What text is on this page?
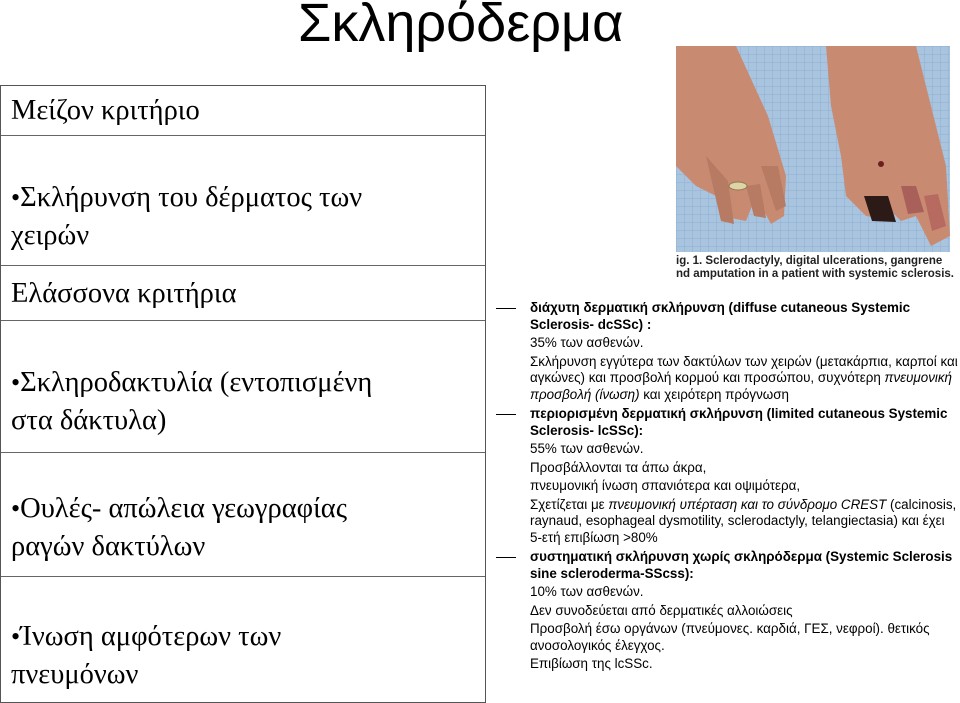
Σκληρόδερμα
Μείζον κριτήριο
•Σκλήρυνση του δέρματος των
χειρών
Ελάσσονα κριτήρια
•Σκληροδακτυλία (εντοπισμένη
στα δάκτυλα)
•Ουλές- απώλεια γεωγραφίας
ραγών δακτύλων
•Ίνωση αμφότερων των
πνευμόνων
ig. 1. Sclerodactyly, digital ulcerations, gangrene
nd amputation in a patient with systemic sclerosis.
διάχυτη δερματική σκλήρυνση (diffuse cutaneous Systemic Sclerosis- dcSSc) :
35% των ασθενών.
Σκλήρυνση εγγύτερα των δακτύλων των χειρών (μετακάρπια, καρποί και αγκώνες) και προσβολή κορμού και προσώπου, συχνότερη πνευμονική προσβολή (ίνωση) και χειρότερη πρόγνωση
περιορισμένη δερματική σκλήρυνση (limited cutaneous Systemic Sclerosis- lcSSc):
55% των ασθενών.
Προσβάλλονται τα άπω άκρα,
πνευμονική ίνωση σπανιότερα και οψιμότερα,
Σχετίζεται με πνευμονική υπέρταση και το σύνδρομο CREST (calcinosis, raynaud, esophageal dysmotility, sclerodactyly, telangiectasia) και έχει 5-ετή επιβίωση >80%
συστηματική σκλήρυνση χωρίς σκληρόδερμα (Systemic Sclerosis sine scleroderma-SScss):
10% των ασθενών.
Δεν συνοδεύεται από δερματικές αλλοιώσεις
Προσβολή έσω οργάνων (πνεύμονες. καρδιά, ΓΕΣ, νεφροί). θετικός ανοσολογικός έλεγχος.
Επιβίωση της lcSSc.
